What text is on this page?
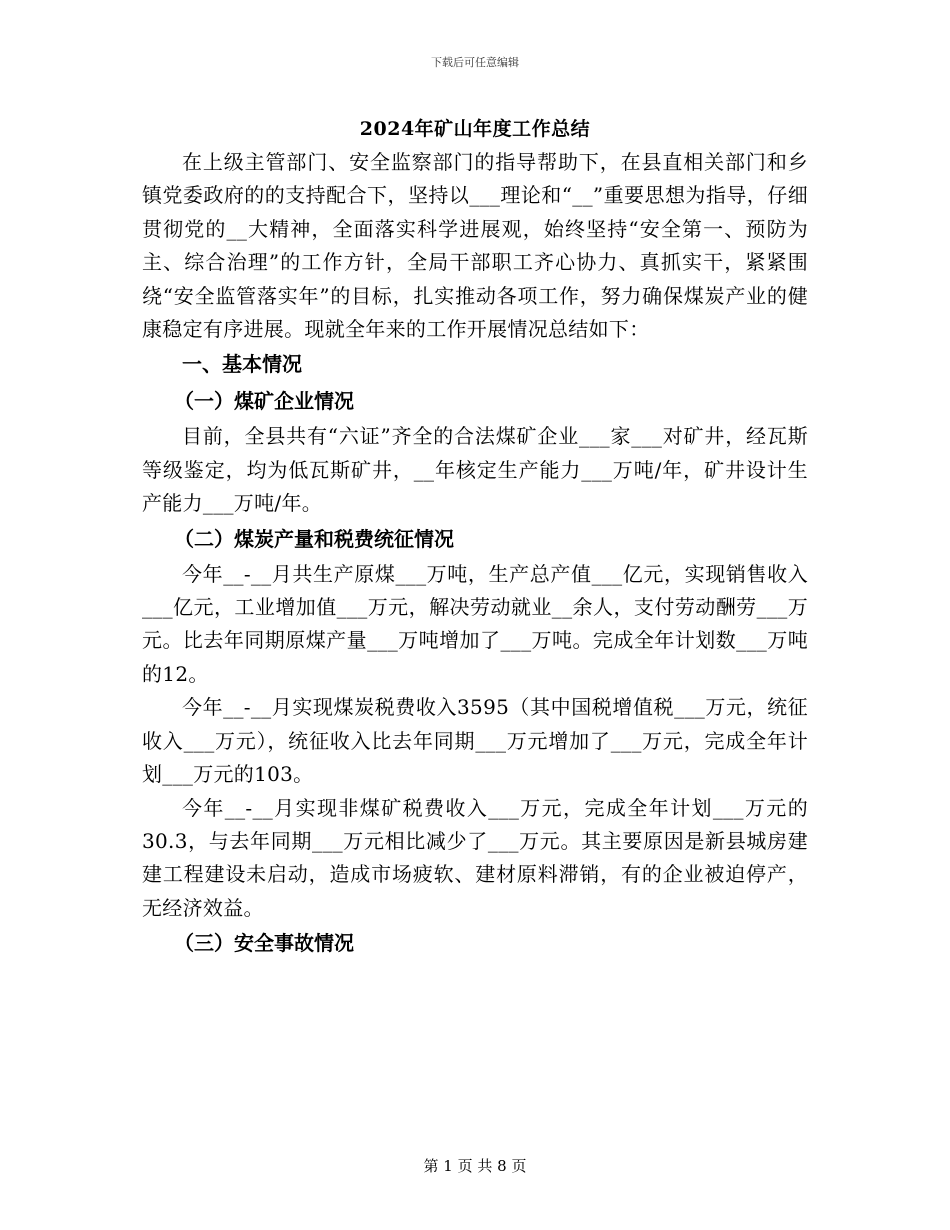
下载后可任意编辑

2024年矿山年度工作总结

在上级主管部门、安全监察部门的指导帮助下，在县直相关部门和乡镇党委政府的的支持配合下，坚持以___理论和“__”重要思想为指导，仔细贯彻党的__大精神，全面落实科学进展观，始终坚持“安全第一、预防为主、综合治理”的工作方针，全局干部职工齐心协力、真抓实干，紧紧围绕“安全监管落实年”的目标，扎实推动各项工作，努力确保煤炭产业的健康稳定有序进展。现就全年来的工作开展情况总结如下：

一、基本情况

（一）煤矿企业情况

目前，全县共有“六证”齐全的合法煤矿企业___家___对矿井，经瓦斯等级鉴定，均为低瓦斯矿井，__年核定生产能力___万吨/年，矿井设计生产能力___万吨/年。

（二）煤炭产量和税费统征情况

今年__-__月共生产原煤___万吨，生产总产值___亿元，实现销售收入___亿元，工业增加值___万元，解决劳动就业__余人，支付劳动酬劳___万元。比去年同期原煤产量___万吨增加了___万吨。完成全年计划数___万吨的12。

今年__-__月实现煤炭税费收入3595（其中国税增值税___万元，统征收入___万元），统征收入比去年同期___万元增加了___万元，完成全年计划___万元的103。

今年__-__月实现非煤矿税费收入___万元，完成全年计划___万元的30.3，与去年同期___万元相比减少了___万元。其主要原因是新县城房建建工程建设未启动，造成市场疲软、建材原料滞销，有的企业被迫停产，无经济效益。

（三）安全事故情况

第 1 页 共 8 页
